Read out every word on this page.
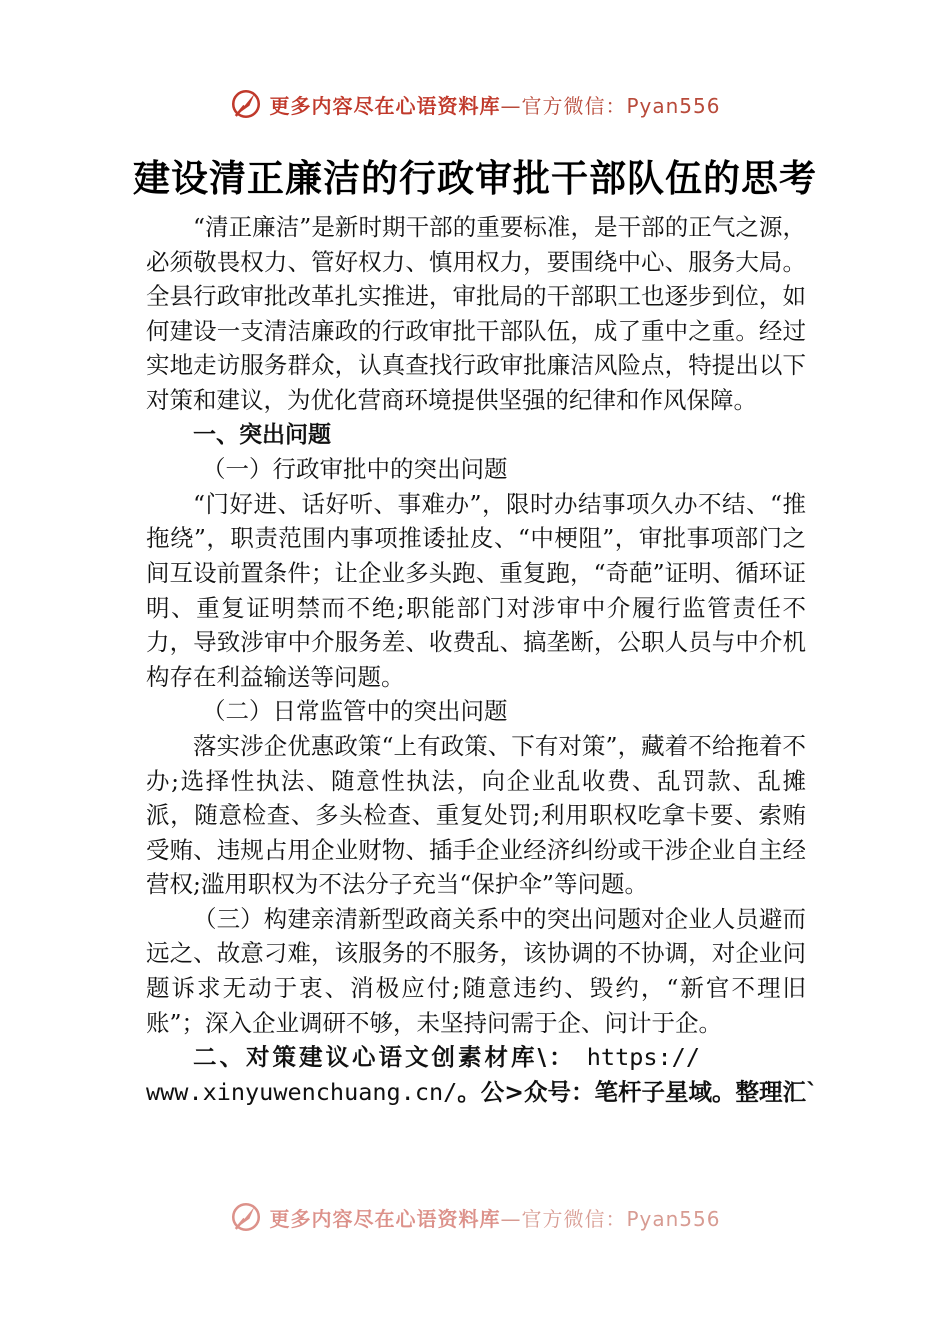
更多内容尽在心语资料库 —官方微信：Pyan556
建设清正廉洁的行政审批干部队伍的思考

“清正廉洁”是新时期干部的重要标准，是干部的正气之源，必须敬畏权力、管好权力、慎用权力，要围绕中心、服务大局。全县行政审批改革扎实推进，审批局的干部职工也逐步到位，如何建设一支清洁廉政的行政审批干部队伍，成了重中之重。经过实地走访服务群众，认真查找行政审批廉洁风险点，特提出以下对策和建议，为优化营商环境提供坚强的纪律和作风保障。

一、突出问题

（一）行政审批中的突出问题

“门好进、话好听、事难办”，限时办结事项久办不结、“推拖绕”，职责范围内事项推诿扯皮、“中梗阻”，审批事项部门之间互设前置条件；让企业多头跑、重复跑，“奇葩”证明、循环证明、重复证明禁而不绝;职能部门对涉审中介履行监管责任不力，导致涉审中介服务差、收费乱、搞垄断，公职人员与中介机构存在利益输送等问题。

（二）日常监管中的突出问题

落实涉企优惠政策“上有政策、下有对策”，藏着不给拖着不办;选择性执法、随意性执法，向企业乱收费、乱罚款、乱摊派，随意检查、多头检查、重复处罚;利用职权吃拿卡要、索贿受贿、违规占用企业财物、插手企业经济纠纷或干涉企业自主经营权;滥用职权为不法分子充当“保护伞”等问题。

（三）构建亲清新型政商关系中的突出问题对企业人员避而远之、故意刁难，该服务的不服务，该协调的不协调，对企业问题诉求无动于衷、消极应付;随意违约、毁约，“新官不理旧账”；深入企业调研不够，未坚持问需于企、问计于企。

二、对策建议心语文创素材库\： https://

www.xinyuwenchuang.cn/。公>众号：笔杆子星域。整理汇`

更多内容尽在心语资料库 —官方微信：Pyan556
